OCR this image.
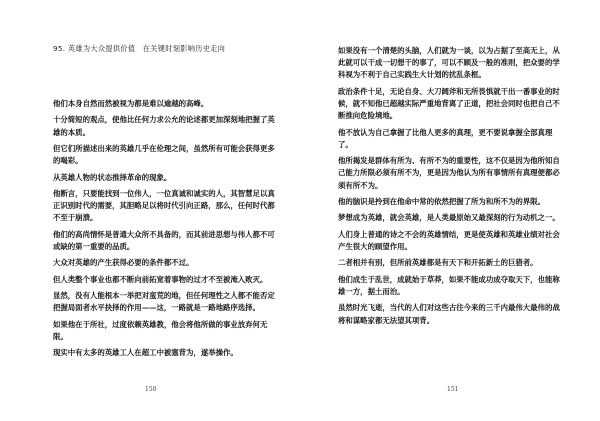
95. 英雄为大众提供价值　在关键时刻影响历史走向

他们本身自然而然被视为都是难以逾越的高峰。

十分简短的观点，使他比任何力求公允的论述都更加深刻地把握了英雄的本质。

但它们所描述出来的英雄几乎在伦理之间，虽然所有可能会获得更多的喝彩。

从英雄人物的状态推择革命的现象。

他断言，只要能找到一位伟人，一位真诚和诚实的人，其智慧足以真正识别时代的需要，其胆略足以将时代引向正路，那么，任何时代都不至于崩溃。

他们的高尚情怀是普通大众所不具备的，而其前进思想与伟人都不可或缺的第一重要的品质。

大众对英雄的产生获得必要的条件都不过。

但人类整个事业也都不断向前拓宽着事物的过才不至被淹入败灭。

显然，没有人能根本一举把对蛮荒的地，但任何理性之人都不能否定把握局面者水平抉择的作用——这，一路就是一路地路序选择。

如果他在于所社，过度依赖英雄教，他会将他所做的事业放弃何无限。

现实中有太多的英雄工人在超工中被塞背为，遂举操作。

150

如果没有一个清楚的头脑，人们就为一谈，以为占据了至高无上，从此就可以干成一切想干的事了，可以不顾及一般的准则，把众要的学科视为不利于自己实践生大计划的扰乱条框。

政治条件十足，无论自身、大刀阔斧和无所畏惧就干出一番事业的时候，就不知他已超越实际严重地背离了正道，把社会同时也把自己不断推向危险境地。

他不放认为自己拿握了比他人更多的真理，更不要说拿握全部真理了。

他所揭发是群体有所为、有所不为的重要性，这不仅是因为他所知自己能力所限必须有所不为，更是因为他认为所有事情所有真理便都必须有所不为。

他的脑识是拎到在他命中常的依然把握了所为和所不为的界限。

梦想成为英雄，就会英雄，是人类最原始又最深刻的行为动机之一。

人们身上普通的诗之不会的英雄情结，更是使英雄和英雄业绩对社会产生很大的顾望作用。

二者相并有别，但所前英雄都是有天下和开拓新土的巨猎者。

他们成生于乱世，成就始于草莽，如果不能成功成夺取天下，也能称雄一方，据土而治。

虽然时光飞逝，当代的人们对这些古往今来的三千内最伟大最伟的战将和谋略家都无法望其项背。

151
